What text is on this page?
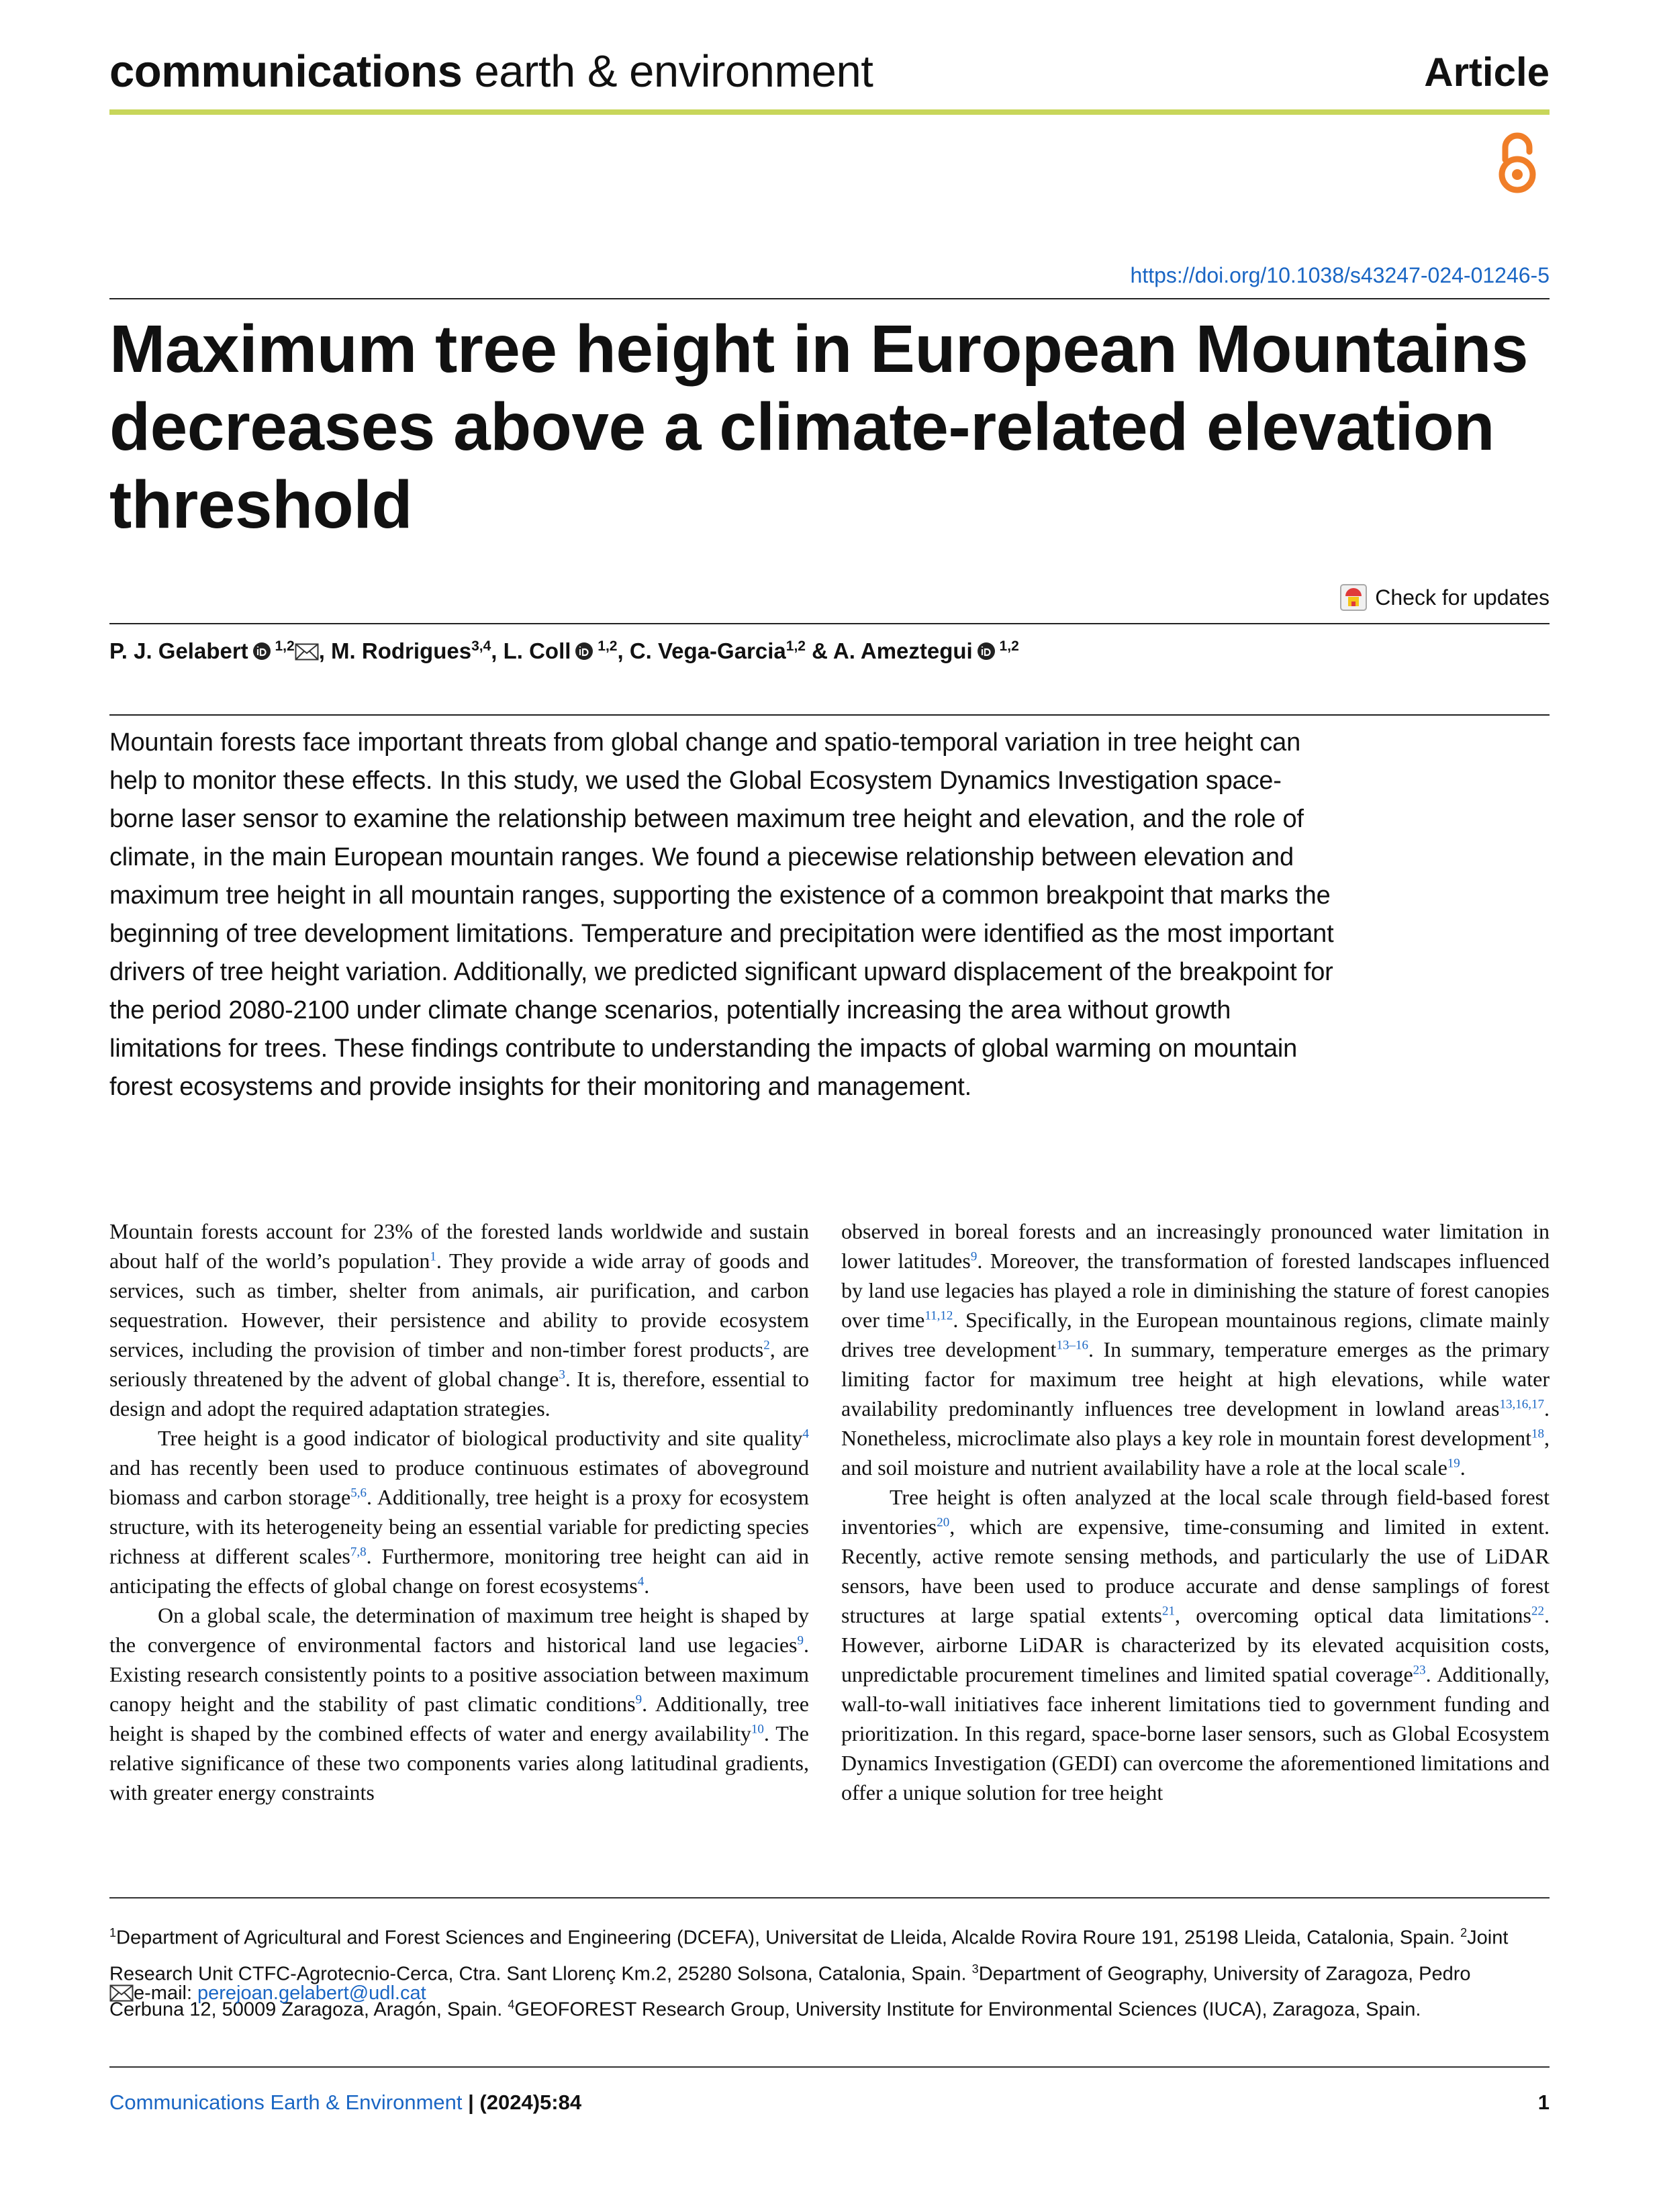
communications earth & environment	Article
https://doi.org/10.1038/s43247-024-01246-5
Maximum tree height in European Mountains decreases above a climate-related elevation threshold
Check for updates
P. J. Gelabert $^{1,2}$ , M. Rodrigues$^{3,4}$, L. Coll $^{1,2}$, C. Vega-Garcia$^{1,2}$ & A. Ameztegui $^{1,2}$

Mountain forests face important threats from global change and spatio-temporal variation in tree height can help to monitor these effects. In this study, we used the Global Ecosystem Dynamics Investigation space-borne laser sensor to examine the relationship between maximum tree height and elevation, and the role of climate, in the main European mountain ranges. We found a piecewise relationship between elevation and maximum tree height in all mountain ranges, supporting the existence of a common breakpoint that marks the beginning of tree development limitations. Temperature and precipitation were identified as the most important drivers of tree height variation. Additionally, we predicted significant upward displacement of the breakpoint for the period 2080-2100 under climate change scenarios, potentially increasing the area without growth limitations for trees. These findings contribute to understanding the impacts of global warming on mountain forest ecosystems and provide insights for their monitoring and management.

Mountain forests account for 23% of the forested lands worldwide and sustain about half of the world’s population$^1$. They provide a wide array of goods and services, such as timber, shelter from animals, air purification, and carbon sequestration. However, their persistence and ability to provide ecosystem services, including the provision of timber and non-timber forest products$^2$, are seriously threatened by the advent of global change$^3$. It is, therefore, essential to design and adopt the required adaptation strategies.

Tree height is a good indicator of biological productivity and site quality$^4$ and has recently been used to produce continuous estimates of aboveground biomass and carbon storage$^{5,6}$. Additionally, tree height is a proxy for ecosystem structure, with its heterogeneity being an essential variable for predicting species richness at different scales$^{7,8}$. Furthermore, monitoring tree height can aid in anticipating the effects of global change on forest ecosystems$^4$.

On a global scale, the determination of maximum tree height is shaped by the convergence of environmental factors and historical land use legacies$^9$. Existing research consistently points to a positive association between maximum canopy height and the stability of past climatic conditions$^9$. Additionally, tree height is shaped by the combined effects of water and energy availability$^{10}$. The relative significance of these two components varies along latitudinal gradients, with greater energy constraints

observed in boreal forests and an increasingly pronounced water limitation in lower latitudes$^9$. Moreover, the transformation of forested landscapes influenced by land use legacies has played a role in diminishing the stature of forest canopies over time$^{11,12}$. Specifically, in the European mountainous regions, climate mainly drives tree development$^{13-16}$. In summary, temperature emerges as the primary limiting factor for maximum tree height at high elevations, while water availability predominantly influences tree development in lowland areas$^{13,16,17}$. Nonetheless, microclimate also plays a key role in mountain forest development$^{18}$, and soil moisture and nutrient availability have a role at the local scale$^{19}$.

Tree height is often analyzed at the local scale through field-based forest inventories$^{20}$, which are expensive, time-consuming and limited in extent. Recently, active remote sensing methods, and particularly the use of LiDAR sensors, have been used to produce accurate and dense samplings of forest structures at large spatial extents$^{21}$, overcoming optical data limitations$^{22}$. However, airborne LiDAR is characterized by its elevated acquisition costs, unpredictable procurement timelines and limited spatial coverage$^{23}$. Additionally, wall-to-wall initiatives face inherent limitations tied to government funding and prioritization. In this regard, space-borne laser sensors, such as Global Ecosystem Dynamics Investigation (GEDI) can overcome the aforementioned limitations and offer a unique solution for tree height

$^1$Department of Agricultural and Forest Sciences and Engineering (DCEFA), Universitat de Lleida, Alcalde Rovira Roure 191, 25198 Lleida, Catalonia, Spain. $^2$Joint Research Unit CTFC-Agrotecnio-Cerca, Ctra. Sant Llorenç Km.2, 25280 Solsona, Catalonia, Spain. $^3$Department of Geography, University of Zaragoza, Pedro Cerbuna 12, 50009 Zaragoza, Aragón, Spain. $^4$GEOFOREST Research Group, University Institute for Environmental Sciences (IUCA), Zaragoza, Spain.

e-mail: perejoan.gelabert@udl.cat
Communications Earth & Environment | (2024)5:84	1
